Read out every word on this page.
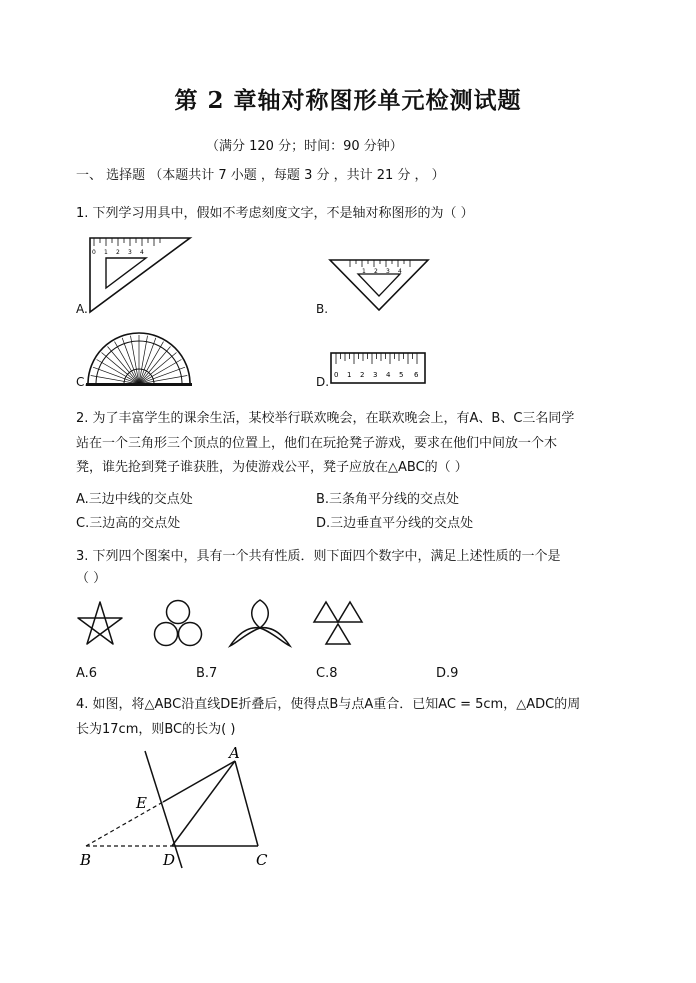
第 2 章轴对称图形单元检测试题
（满分 120 分；时间：90 分钟）
一、 选择题 （本题共计 7 小题 ，每题 3 分 ，共计 21 分 ， ）
1. 下列学习用具中，假如不考虑刻度文字，不是轴对称图形的为（ ）
0 1 2 3 4
A.
1 2 3 4
B.
C.	0 1 2 3 4 5 6
D.
2. 为了丰富学生的课余生活，某校举行联欢晚会，在联欢晚会上，有A、B、C三名同学
站在一个三角形三个顶点的位置上，他们在玩抢凳子游戏，要求在他们中间放一个木
凳，谁先抢到凳子谁获胜，为使游戏公平，凳子应放在△ABC的（ ）
A.三边中线的交点处	B.三条角平分线的交点处
C.三边高的交点处	D.三边垂直平分线的交点处
3. 下列四个图案中，具有一个共有性质．则下面四个数字中，满足上述性质的一个是
（ ）
A.6	B.7	C.8	D.9
4. 如图，将△ABC沿直线DE折叠后，使得点B与点A重合．已知AC = 5cm，△ADC的周
长为17cm，则BC的长为( )
A
B	C
D
E
